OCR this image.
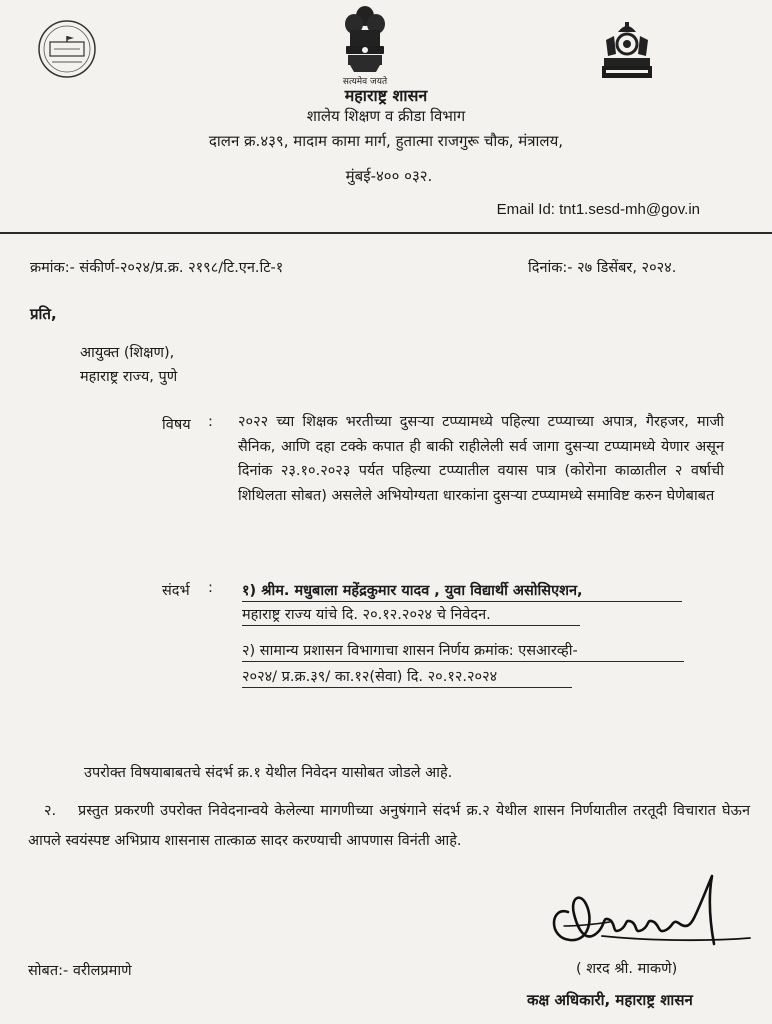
सत्यमेव जयते
महाराष्ट्र शासन
शालेय शिक्षण व क्रीडा विभाग
दालन क्र.४३९, मादाम कामा मार्ग, हुतात्मा राजगुरू चौक, मंत्रालय,
मुंबई-४०० ०३२.
Email Id: tnt1.sesd-mh@gov.in
क्रमांक:- संकीर्ण-२०२४/प्र.क्र. २१९८/टि.एन.टि-१	दिनांक:- २७ डिसेंबर, २०२४.
प्रति,
आयुक्त (शिक्षण),
महाराष्ट्र राज्य, पुणे
विषय : २०२२ च्या शिक्षक भरतीच्या दुसऱ्या टप्प्यामध्ये पहिल्या टप्प्याच्या अपात्र, गैरहजर, माजी सैनिक, आणि दहा टक्के कपात ही बाकी राहीलेली सर्व जागा दुसऱ्या टप्प्यामध्ये येणार असून दिनांक २३.१०.२०२३ पर्यत पहिल्या टप्प्यातील वयास पात्र (कोरोना काळातील २ वर्षाची शिथिलता सोबत) असलेले अभियोग्यता धारकांना दुसऱ्या टप्प्यामध्ये समाविष्ट करुन घेणेबाबत
संदर्भ : १) श्रीम. मधुबाला महेंद्रकुमार यादव , युवा विद्यार्थी असोसिएशन,
महाराष्ट्र राज्य यांचे दि. २०.१२.२०२४ चे निवेदन.
२) सामान्य प्रशासन विभागाचा शासन निर्णय क्रमांक: एसआरव्ही-
२०२४/ प्र.क्र.३९/ का.१२(सेवा) दि. २०.१२.२०२४
उपरोक्त विषयाबाबतचे संदर्भ क्र.१ येथील निवेदन यासोबत जोडले आहे.
२. प्रस्तुत प्रकरणी उपरोक्त निवेदनान्वये केलेल्या मागणीच्या अनुषंगाने संदर्भ क्र.२ येथील शासन निर्णयातील तरतूदी विचारात घेऊन आपले स्वयंस्पष्ट अभिप्राय शासनास तात्काळ सादर करण्याची आपणास विनंती आहे.
सोबत:- वरीलप्रमाणे	( शरद श्री. माकणे)
कक्ष अधिकारी, महाराष्ट्र शासन
